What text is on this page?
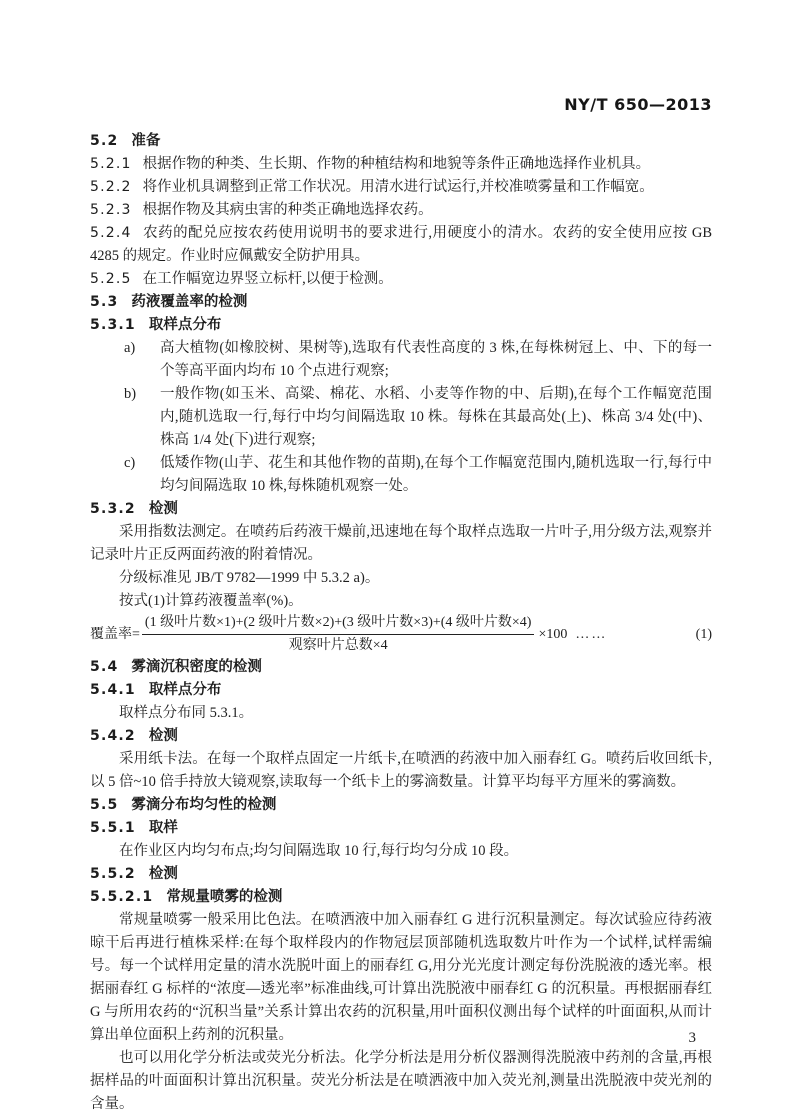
NY/T 650—2013
5.2 准备

5.2.1 根据作物的种类、生长期、作物的种植结构和地貌等条件正确地选择作业机具。

5.2.2 将作业机具调整到正常工作状况。用清水进行试运行,并校准喷雾量和工作幅宽。

5.2.3 根据作物及其病虫害的种类正确地选择农药。

5.2.4 农药的配兑应按农药使用说明书的要求进行,用硬度小的清水。农药的安全使用应按 GB 4285 的规定。作业时应佩戴安全防护用具。

5.2.5 在工作幅宽边界竖立标杆,以便于检测。

5.3 药液覆盖率的检测
5.3.1 取样点分布
a)	高大植物(如橡胶树、果树等),选取有代表性高度的 3 株,在每株树冠上、中、下的每一个等高平面内均布 10 个点进行观察;
b)	一般作物(如玉米、高粱、棉花、水稻、小麦等作物的中、后期),在每个工作幅宽范围内,随机选取一行,每行中均匀间隔选取 10 株。每株在其最高处(上)、株高 3/4 处(中)、株高 1/4 处(下)进行观察;
c)	低矮作物(山芋、花生和其他作物的苗期),在每个工作幅宽范围内,随机选取一行,每行中均匀间隔选取 10 株,每株随机观察一处。
5.3.2 检测

采用指数法测定。在喷药后药液干燥前,迅速地在每个取样点选取一片叶子,用分级方法,观察并记录叶片正反两面药液的附着情况。

分级标准见 JB/T 9782—1999 中 5.3.2 a)。

按式(1)计算药液覆盖率(%)。

覆盖率= $\frac{\text{(1 级叶片数×1)+(2 级叶片数×2)+(3 级叶片数×3)+(4 级叶片数×4)}}{\text{观察叶片总数×4}} \times 100$ ……	(1)
5.4 雾滴沉积密度的检测
5.4.1 取样点分布

取样点分布同 5.3.1。

5.4.2 检测

采用纸卡法。在每一个取样点固定一片纸卡,在喷洒的药液中加入丽春红 G。喷药后收回纸卡,以 5 倍~10 倍手持放大镜观察,读取每一个纸卡上的雾滴数量。计算平均每平方厘米的雾滴数。

5.5 雾滴分布均匀性的检测
5.5.1 取样

在作业区内均匀布点;均匀间隔选取 10 行,每行均匀分成 10 段。

5.5.2 检测
5.5.2.1 常规量喷雾的检测

常规量喷雾一般采用比色法。在喷洒液中加入丽春红 G 进行沉积量测定。每次试验应待药液晾干后再进行植株采样:在每个取样段内的作物冠层顶部随机选取数片叶作为一个试样,试样需编号。每一个试样用定量的清水洗脱叶面上的丽春红 G,用分光光度计测定每份洗脱液的透光率。根据丽春红 G 标样的“浓度—透光率”标准曲线,可计算出洗脱液中丽春红 G 的沉积量。再根据丽春红 G 与所用农药的“沉积当量”关系计算出农药的沉积量,用叶面积仪测出每个试样的叶面面积,从而计算出单位面积上药剂的沉积量。

也可以用化学分析法或荧光分析法。化学分析法是用分析仪器测得洗脱液中药剂的含量,再根据样品的叶面面积计算出沉积量。荧光分析法是在喷洒液中加入荧光剂,测量出洗脱液中荧光剂的含量。

3
